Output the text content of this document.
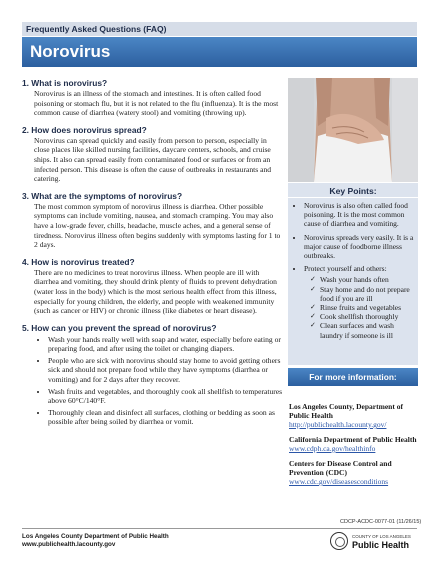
Frequently Asked Questions (FAQ)
Norovirus
1. What is norovirus?
Norovirus is an illness of the stomach and intestines. It is often called food poisoning or stomach flu, but it is not related to the flu (influenza). It is the most common cause of diarrhea (watery stool) and vomiting (throwing up).
2. How does norovirus spread?
Norovirus can spread quickly and easily from person to person, especially in close places like skilled nursing facilities, daycare centers, schools, and cruise ships. It also can spread easily from contaminated food or surfaces or from an infected person. This disease is often the cause of outbreaks in restaurants and catering.
3. What are the symptoms of norovirus?
The most common symptom of norovirus illness is diarrhea. Other possible symptoms can include vomiting, nausea, and stomach cramping. You may also have a low-grade fever, chills, headache, muscle aches, and a general sense of tiredness. Norovirus illness often begins suddenly with symptoms lasting for 1 to 2 days.
4. How is norovirus treated?
There are no medicines to treat norovirus illness. When people are ill with diarrhea and vomiting, they should drink plenty of fluids to prevent dehydration (water loss in the body) which is the most serious health effect from this illness, especially for young children, the elderly, and people with weakened immunity (such as cancer or HIV) or chronic illness (like diabetes or heart disease).
5. How can you prevent the spread of norovirus?
• Wash your hands really well with soap and water, especially before eating or preparing food, and after using the toilet or changing diapers.
• People who are sick with norovirus should stay home to avoid getting others sick and should not prepare food while they have symptoms (diarrhea or vomiting) and for 2 days after they recover.
• Wash fruits and vegetables, and thoroughly cook all shellfish to temperatures above 60°C/140°F.
• Thoroughly clean and disinfect all surfaces, clothing or bedding as soon as possible after being soiled by diarrhea or vomit.
Key Points:
• Norovirus is also often called food poisoning. It is the most common cause of diarrhea and vomiting.
• Norovirus spreads very easily. It is a major cause of foodborne illness outbreaks.
• Protect yourself and others:
✓ Wash your hands often
✓ Stay home and do not prepare food if you are ill
✓ Rinse fruits and vegetables
✓ Cook shellfish thoroughly
✓ Clean surfaces and wash laundry if someone is ill
For more information:
Los Angeles County, Department of Public Health
http://publichealth.lacounty.gov/
California Department of Public Health
www.cdph.ca.gov/healthinfo
Centers for Disease Control and Prevention (CDC)
www.cdc.gov/diseasesconditions
CDCP-ACDC-0077-01 (11/26/15)
Los Angeles County Department of Public Health
www.publichealth.lacounty.gov
COUNTY OF LOS ANGELES
Public Health
